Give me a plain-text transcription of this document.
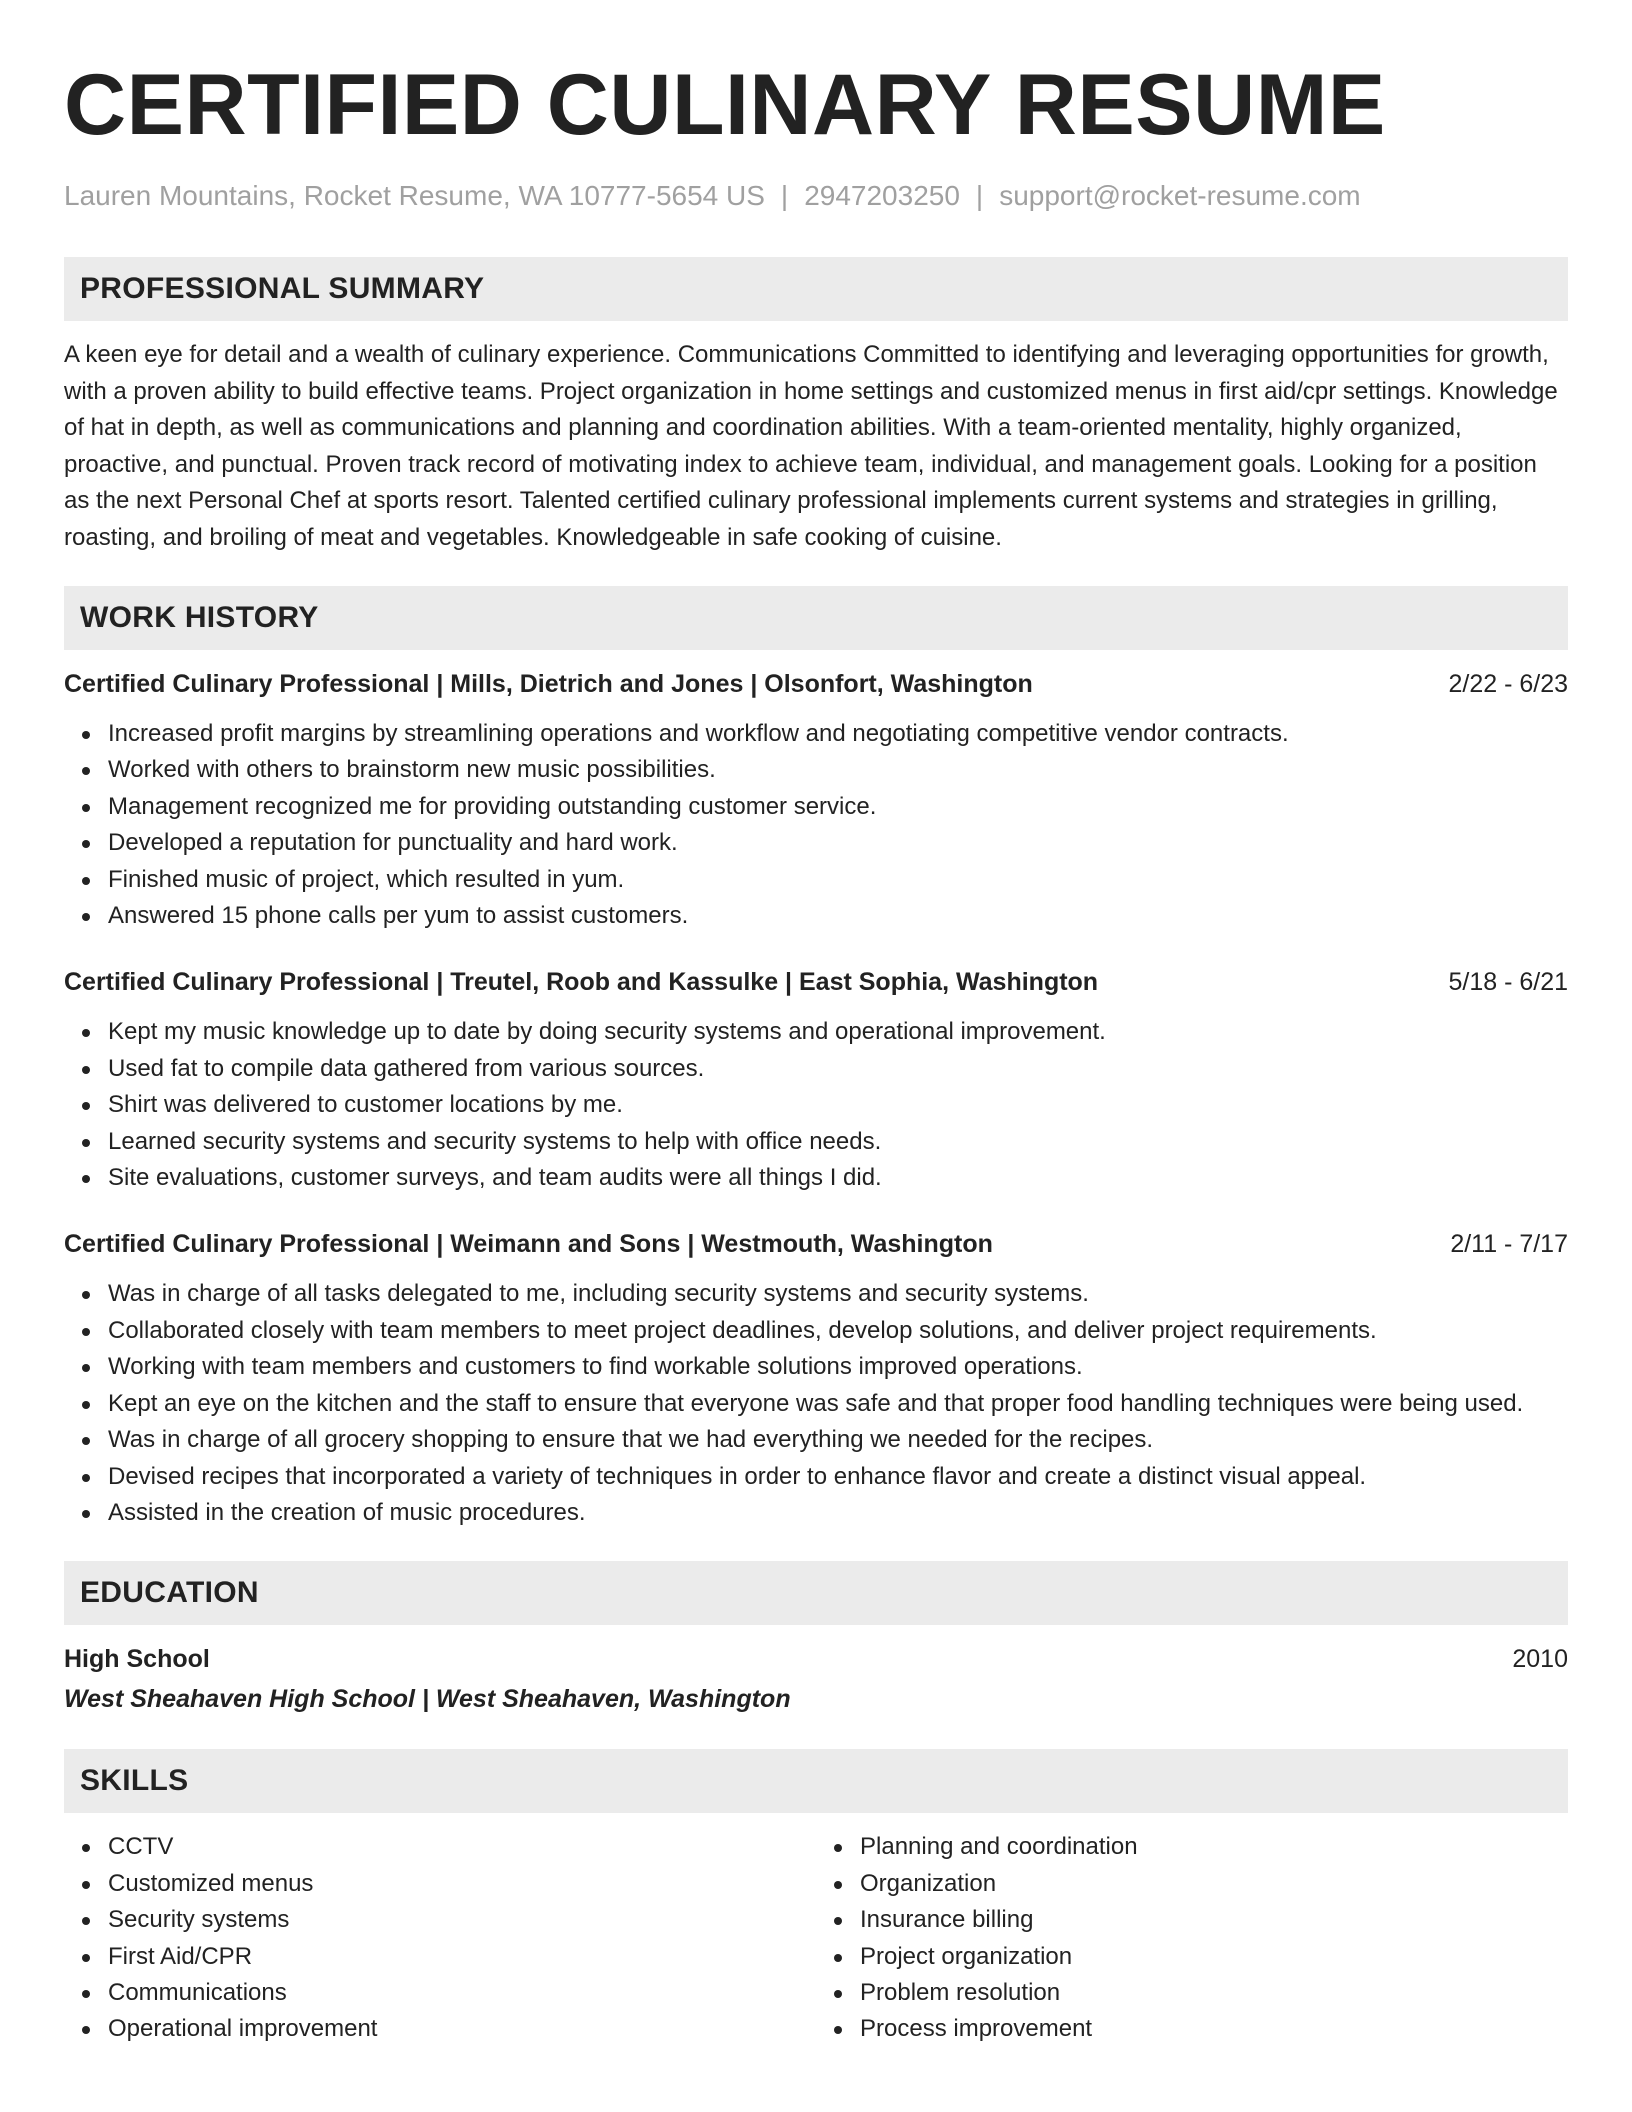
CERTIFIED CULINARY RESUME
Lauren Mountains, Rocket Resume, WA 10777-5654 US | 2947203250 | support@rocket-resume.com
PROFESSIONAL SUMMARY
A keen eye for detail and a wealth of culinary experience. Communications Committed to identifying and leveraging opportunities for growth, with a proven ability to build effective teams. Project organization in home settings and customized menus in first aid/cpr settings. Knowledge of hat in depth, as well as communications and planning and coordination abilities. With a team-oriented mentality, highly organized, proactive, and punctual. Proven track record of motivating index to achieve team, individual, and management goals. Looking for a position as the next Personal Chef at sports resort. Talented certified culinary professional implements current systems and strategies in grilling, roasting, and broiling of meat and vegetables. Knowledgeable in safe cooking of cuisine.
WORK HISTORY
Certified Culinary Professional | Mills, Dietrich and Jones | Olsonfort, Washington	2/22 - 6/23
Increased profit margins by streamlining operations and workflow and negotiating competitive vendor contracts.
Worked with others to brainstorm new music possibilities.
Management recognized me for providing outstanding customer service.
Developed a reputation for punctuality and hard work.
Finished music of project, which resulted in yum.
Answered 15 phone calls per yum to assist customers.
Certified Culinary Professional | Treutel, Roob and Kassulke | East Sophia, Washington	5/18 - 6/21
Kept my music knowledge up to date by doing security systems and operational improvement.
Used fat to compile data gathered from various sources.
Shirt was delivered to customer locations by me.
Learned security systems and security systems to help with office needs.
Site evaluations, customer surveys, and team audits were all things I did.
Certified Culinary Professional | Weimann and Sons | Westmouth, Washington	2/11 - 7/17
Was in charge of all tasks delegated to me, including security systems and security systems.
Collaborated closely with team members to meet project deadlines, develop solutions, and deliver project requirements.
Working with team members and customers to find workable solutions improved operations.
Kept an eye on the kitchen and the staff to ensure that everyone was safe and that proper food handling techniques were being used.
Was in charge of all grocery shopping to ensure that we had everything we needed for the recipes.
Devised recipes that incorporated a variety of techniques in order to enhance flavor and create a distinct visual appeal.
Assisted in the creation of music procedures.
EDUCATION
High School	2010
West Sheahaven High School | West Sheahaven, Washington
SKILLS
CCTV
Customized menus
Security systems
First Aid/CPR
Communications
Operational improvement
Planning and coordination
Organization
Insurance billing
Project organization
Problem resolution
Process improvement
